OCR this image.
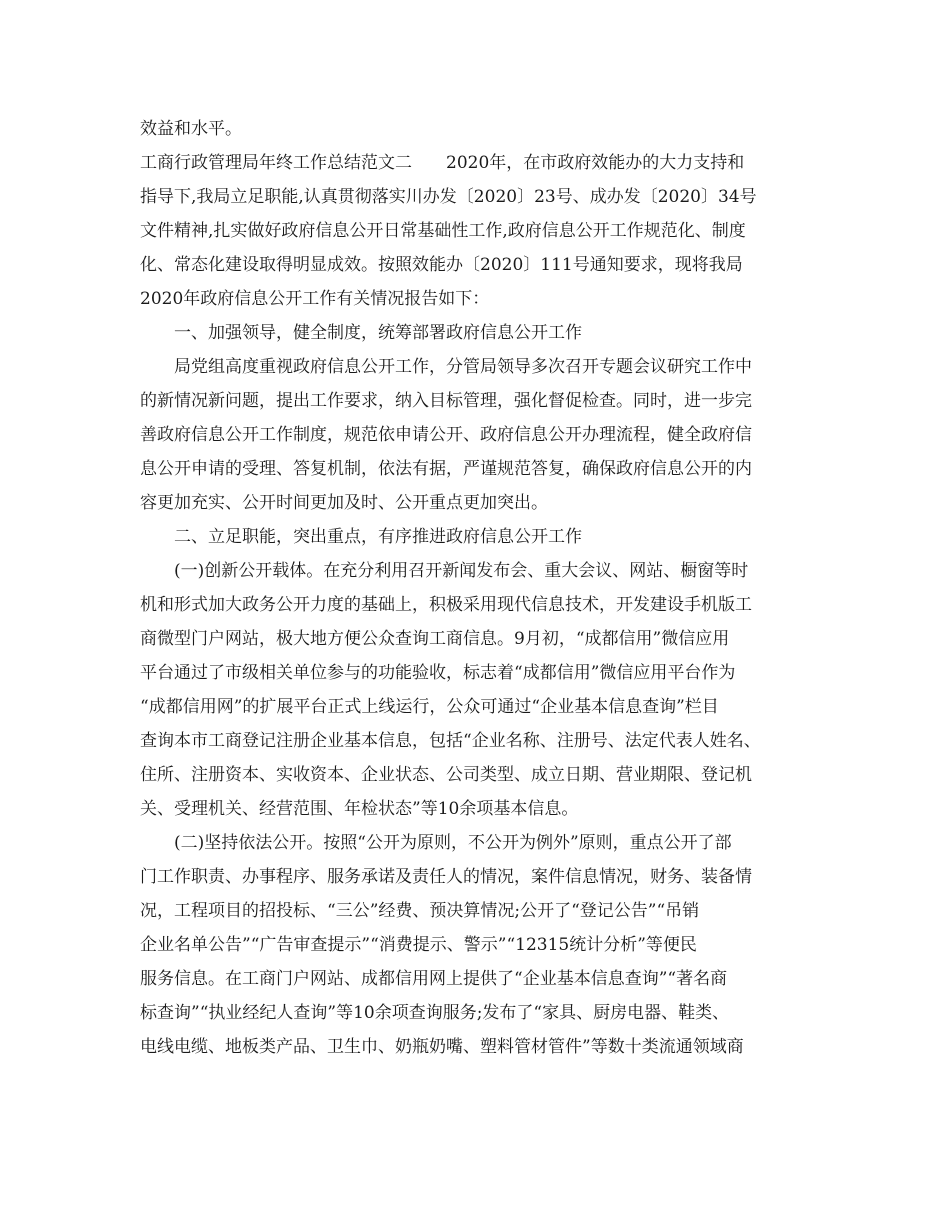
效益和水平。
工商行政管理局年终工作总结范文二　　2020年，在市政府效能办的大力支持和
指导下,我局立足职能,认真贯彻落实川办发〔2020〕23号、成办发〔2020〕34号
文件精神,扎实做好政府信息公开日常基础性工作,政府信息公开工作规范化、制度
化、常态化建设取得明显成效。按照效能办〔2020〕111号通知要求，现将我局
2020年政府信息公开工作有关情况报告如下：
　　一、加强领导，健全制度，统筹部署政府信息公开工作
　　局党组高度重视政府信息公开工作，分管局领导多次召开专题会议研究工作中
的新情况新问题，提出工作要求，纳入目标管理，强化督促检查。同时，进一步完
善政府信息公开工作制度，规范依申请公开、政府信息公开办理流程，健全政府信
息公开申请的受理、答复机制，依法有据，严谨规范答复，确保政府信息公开的内
容更加充实、公开时间更加及时、公开重点更加突出。
　　二、立足职能，突出重点，有序推进政府信息公开工作
　　(一)创新公开载体。在充分利用召开新闻发布会、重大会议、网站、橱窗等时
机和形式加大政务公开力度的基础上，积极采用现代信息技术，开发建设手机版工
商微型门户网站，极大地方便公众查询工商信息。9月初，“成都信用”微信应用
平台通过了市级相关单位参与的功能验收，标志着“成都信用”微信应用平台作为
“成都信用网”的扩展平台正式上线运行，公众可通过“企业基本信息查询”栏目
查询本市工商登记注册企业基本信息，包括“企业名称、注册号、法定代表人姓名、
住所、注册资本、实收资本、企业状态、公司类型、成立日期、营业期限、登记机
关、受理机关、经营范围、年检状态”等10余项基本信息。
　　(二)坚持依法公开。按照“公开为原则，不公开为例外”原则，重点公开了部
门工作职责、办事程序、服务承诺及责任人的情况，案件信息情况，财务、装备情
况，工程项目的招投标、“三公”经费、预决算情况;公开了“登记公告”“吊销
企业名单公告”“广告审查提示”“消费提示、警示”“12315统计分析”等便民
服务信息。在工商门户网站、成都信用网上提供了“企业基本信息查询”“著名商
标查询”“执业经纪人查询”等10余项查询服务;发布了“家具、厨房电器、鞋类、
电线电缆、地板类产品、卫生巾、奶瓶奶嘴、塑料管材管件”等数十类流通领域商
